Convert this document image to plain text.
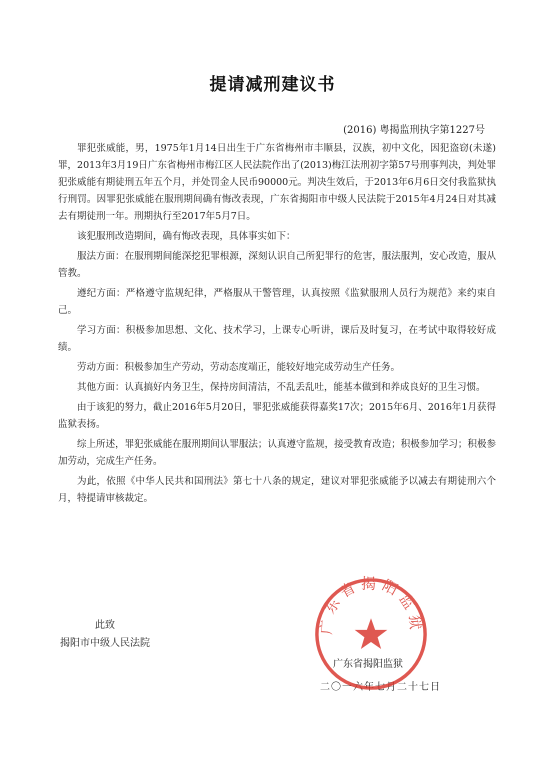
提请减刑建议书
(2016) 粤揭监刑执字第1227号

罪犯张威能，男，1975年1月14日出生于广东省梅州市丰顺县，汉族，初中文化，因犯盗窃(未遂)罪，2013年3月19日广东省梅州市梅江区人民法院作出了(2013)梅江法刑初字第57号刑事判决，判处罪犯张威能有期徒刑五年五个月，并处罚金人民币90000元。判决生效后，于2013年6月6日交付我监狱执行刑罚。因罪犯张威能在服刑期间确有悔改表现，广东省揭阳市中级人民法院于2015年4月24日对其减去有期徒刑一年。刑期执行至2017年5月7日。

该犯服刑改造期间，确有悔改表现，具体事实如下：

服法方面：在服刑期间能深挖犯罪根源，深刻认识自己所犯罪行的危害，服法服判，安心改造，服从管教。

遵纪方面：严格遵守监规纪律，严格服从干警管理，认真按照《监狱服刑人员行为规范》来约束自己。

学习方面：积极参加思想、文化、技术学习，上课专心听讲，课后及时复习，在考试中取得较好成绩。

劳动方面：积极参加生产劳动，劳动态度端正，能较好地完成劳动生产任务。

其他方面：认真搞好内务卫生，保持房间清洁，不乱丢乱吐，能基本做到和养成良好的卫生习惯。

由于该犯的努力，截止2016年5月20日，罪犯张威能获得嘉奖17次；2015年6月、2016年1月获得监狱表扬。

综上所述，罪犯张威能在服刑期间认罪服法；认真遵守监规，接受教育改造；积极参加学习；积极参加劳动，完成生产任务。

为此，依照《中华人民共和国刑法》第七十八条的规定，建议对罪犯张威能予以减去有期徒刑六个月，特提请审核裁定。

此致
揭阳市中级人民法院
广东省揭阳监狱
广东省揭阳监狱
二〇一六年七月二十七日
